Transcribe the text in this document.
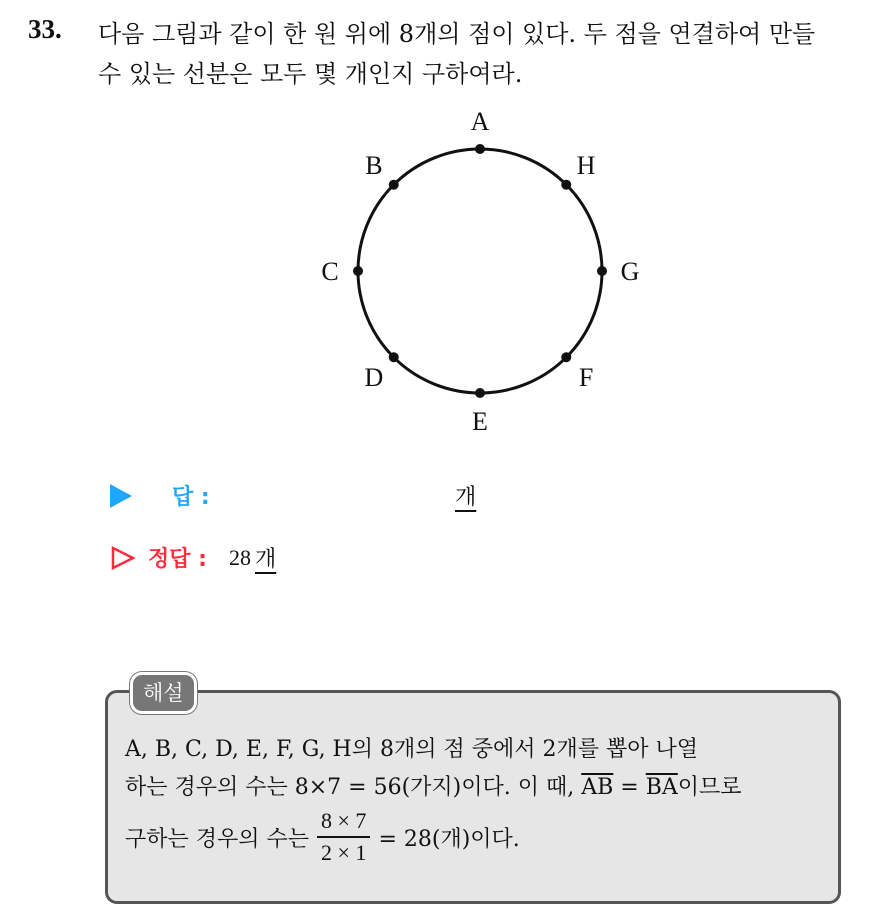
33. 다음 그림과 같이 한 원 위에 8개의 점이 있다. 두 점을 연결하여 만들
수 있는 선분은 모두 몇 개인지 구하여라.
A
H
G
F
E
D
C
B
답 :	개
정답 : 28 개
해설
A, B, C, D, E, F, G, H의 8개의 점 중에서 2개를 뽑아 나열
하는 경우의 수는 8×7 = 56(가지)이다. 이 때, $\overline{AB} = \overline{BA}$이므로
구하는 경우의 수는 $\frac{8 \times 7}{2 \times 1} = 28$(개)이다.
